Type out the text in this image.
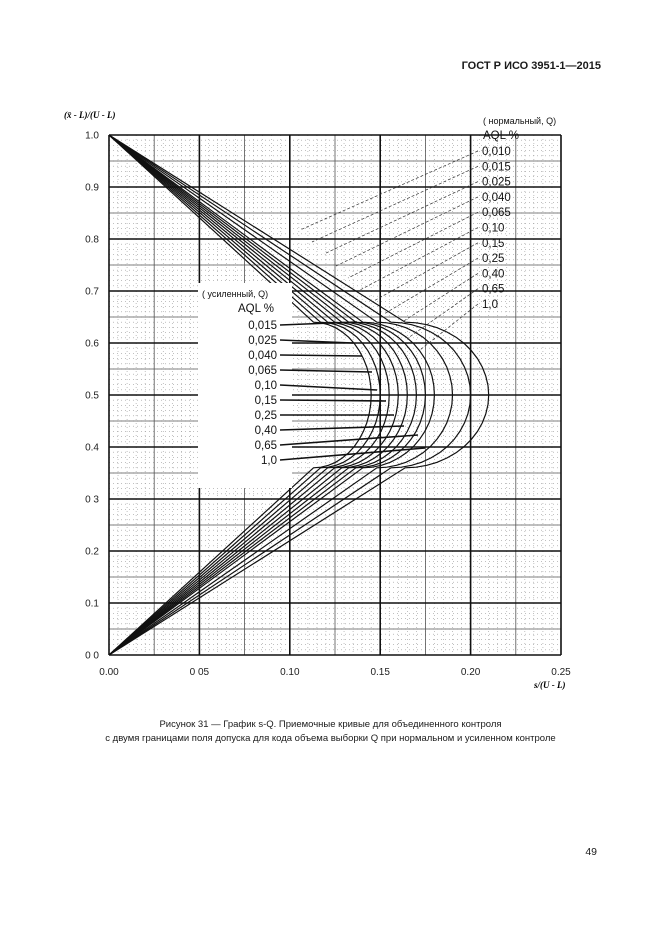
ГОСТ Р ИСО 3951-1—2015
0 0
0.1
0.2
0 3
0.4
0.5
0.6
0.7
0.8
0.9
1.0
0.00	0 05	0.10	0.15	0.20	0.25
( нормальный, Q)
AQL %
0,010
0,015
0,025
0,040
0,065
0,10
0,15
0,25
0,40
0,65
1,0
( усиленный, Q)
AQL %
0,015
0,025
0,040
0,065
0,10
0,15
0,25
0,40
0,65
1,0
(x̄ - L)/(U - L)
s/(U - L)
Рисунок 31 — График s-Q. Приемочные кривые для объединенного контроля
с двумя границами поля допуска для кода объема выборки Q при нормальном и усиленном контроле
49
